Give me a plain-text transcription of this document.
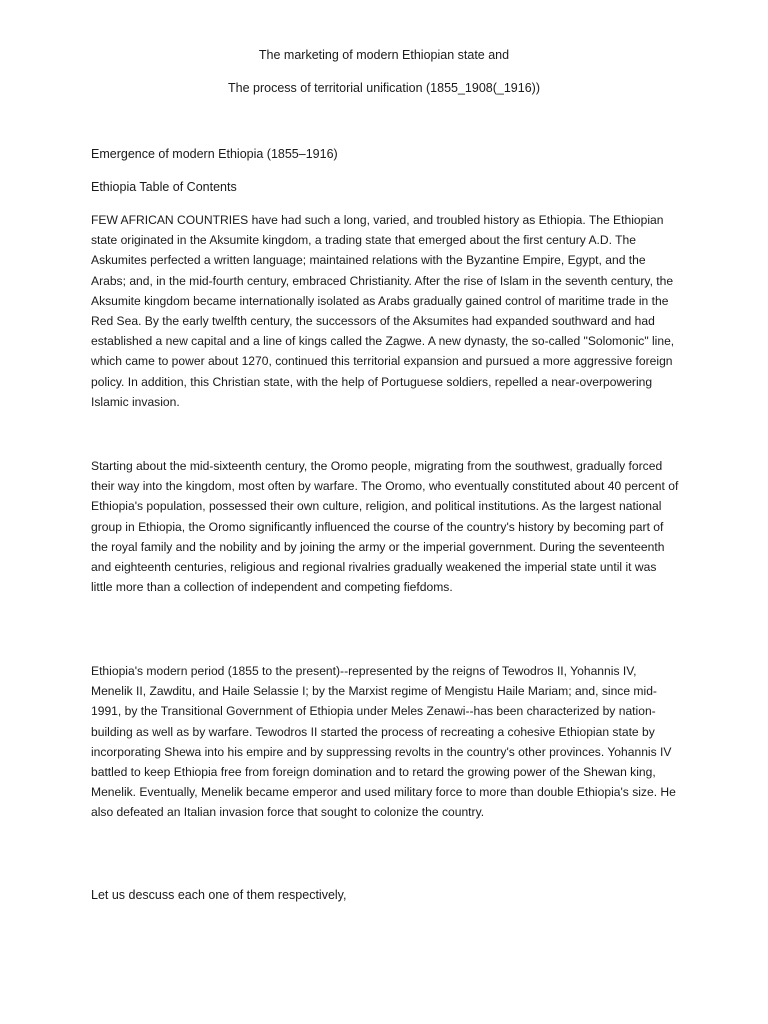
The marketing of modern Ethiopian state and

The process of territorial unification (1855_1908(_1916))

Emergence of modern Ethiopia (1855–1916)

Ethiopia Table of Contents

FEW AFRICAN COUNTRIES have had such a long, varied, and troubled history as Ethiopia. The Ethiopian state originated in the Aksumite kingdom, a trading state that emerged about the first century A.D. The Askumites perfected a written language; maintained relations with the Byzantine Empire, Egypt, and the Arabs; and, in the mid-fourth century, embraced Christianity. After the rise of Islam in the seventh century, the Aksumite kingdom became internationally isolated as Arabs gradually gained control of maritime trade in the Red Sea. By the early twelfth century, the successors of the Aksumites had expanded southward and had established a new capital and a line of kings called the Zagwe. A new dynasty, the so-called "Solomonic" line, which came to power about 1270, continued this territorial expansion and pursued a more aggressive foreign policy. In addition, this Christian state, with the help of Portuguese soldiers, repelled a near-overpowering Islamic invasion.

Starting about the mid-sixteenth century, the Oromo people, migrating from the southwest, gradually forced their way into the kingdom, most often by warfare. The Oromo, who eventually constituted about 40 percent of Ethiopia's population, possessed their own culture, religion, and political institutions. As the largest national group in Ethiopia, the Oromo significantly influenced the course of the country's history by becoming part of the royal family and the nobility and by joining the army or the imperial government. During the seventeenth and eighteenth centuries, religious and regional rivalries gradually weakened the imperial state until it was little more than a collection of independent and competing fiefdoms.

Ethiopia's modern period (1855 to the present)--represented by the reigns of Tewodros II, Yohannis IV, Menelik II, Zawditu, and Haile Selassie I; by the Marxist regime of Mengistu Haile Mariam; and, since mid-1991, by the Transitional Government of Ethiopia under Meles Zenawi--has been characterized by nation-building as well as by warfare. Tewodros II started the process of recreating a cohesive Ethiopian state by incorporating Shewa into his empire and by suppressing revolts in the country's other provinces. Yohannis IV battled to keep Ethiopia free from foreign domination and to retard the growing power of the Shewan king, Menelik. Eventually, Menelik became emperor and used military force to more than double Ethiopia's size. He also defeated an Italian invasion force that sought to colonize the country.

Let us descuss each one of them respectively,
